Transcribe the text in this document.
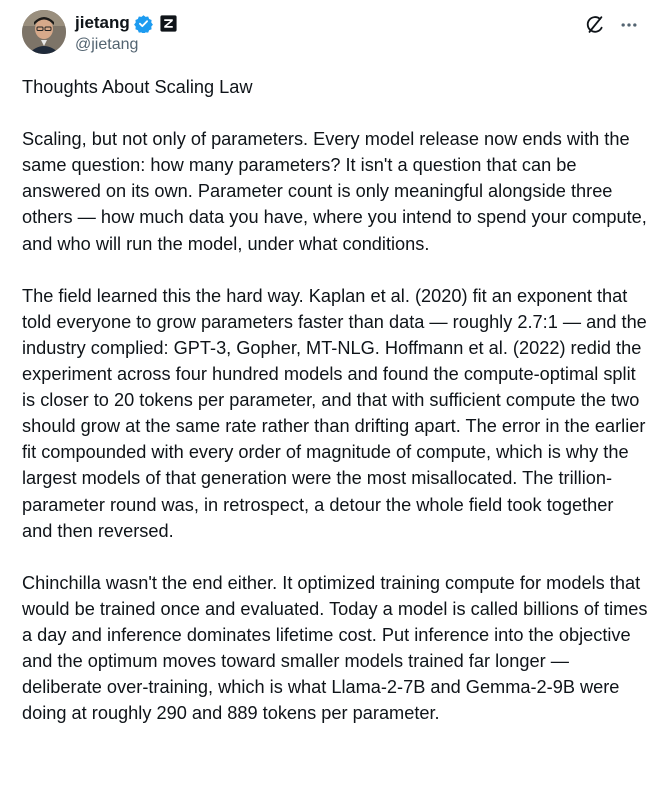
jietang
@jietang

Thoughts About Scaling Law

Scaling, but not only of parameters. Every model release now ends with the same question: how many parameters? It isn't a question that can be answered on its own. Parameter count is only meaningful alongside three others — how much data you have, where you intend to spend your compute, and who will run the model, under what conditions.

The field learned this the hard way. Kaplan et al. (2020) fit an exponent that told everyone to grow parameters faster than data — roughly 2.7:1 — and the industry complied: GPT-3, Gopher, MT-NLG. Hoffmann et al. (2022) redid the experiment across four hundred models and found the compute-optimal split is closer to 20 tokens per parameter, and that with sufficient compute the two should grow at the same rate rather than drifting apart. The error in the earlier fit compounded with every order of magnitude of compute, which is why the largest models of that generation were the most misallocated. The trillion-parameter round was, in retrospect, a detour the whole field took together and then reversed.

Chinchilla wasn't the end either. It optimized training compute for models that would be trained once and evaluated. Today a model is called billions of times a day and inference dominates lifetime cost. Put inference into the objective and the optimum moves toward smaller models trained far longer — deliberate over-training, which is what Llama-2-7B and Gemma-2-9B were doing at roughly 290 and 889 tokens per parameter.
